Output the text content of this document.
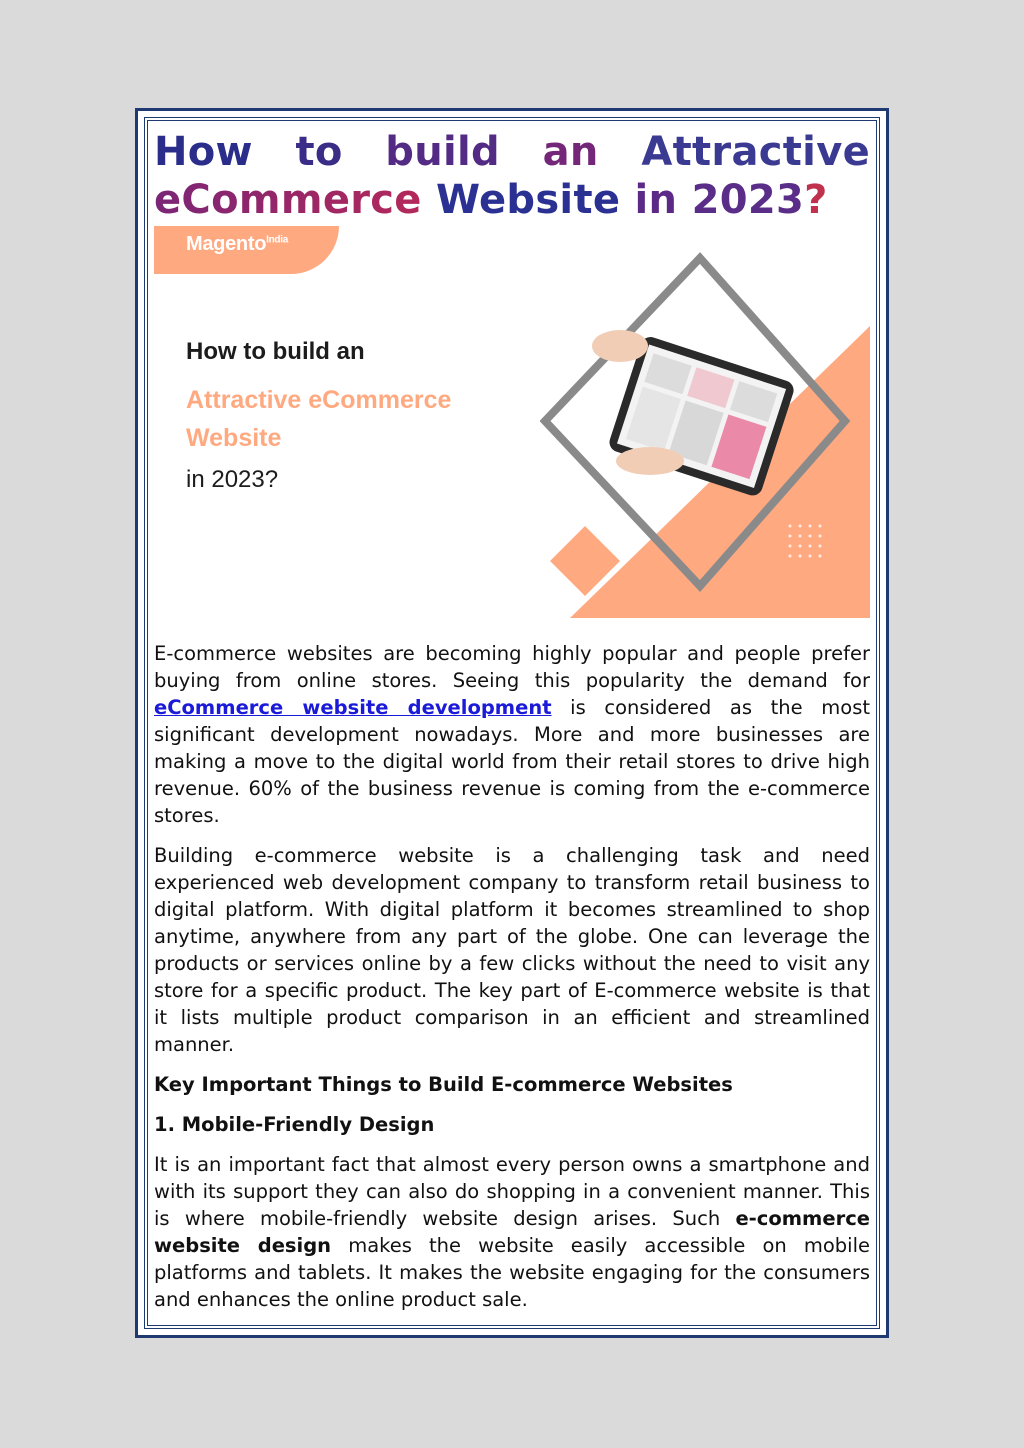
How to build an Attractive
eCommerce Website in 2023?
Magento$^{India}$
How to build an
Attractive eCommerce Website
in 2023?

E-commerce websites are becoming highly popular and people prefer buying from online stores. Seeing this popularity the demand for eCommerce website development is considered as the most significant development nowadays. More and more businesses are making a move to the digital world from their retail stores to drive high revenue. 60% of the business revenue is coming from the e-commerce stores.

Building e-commerce website is a challenging task and need experienced web development company to transform retail business to digital platform. With digital platform it becomes streamlined to shop anytime, anywhere from any part of the globe. One can leverage the products or services online by a few clicks without the need to visit any store for a specific product. The key part of E-commerce website is that it lists multiple product comparison in an efficient and streamlined manner.

Key Important Things to Build E-commerce Websites

1. Mobile-Friendly Design

It is an important fact that almost every person owns a smartphone and with its support they can also do shopping in a convenient manner. This is where mobile-friendly website design arises. Such e-commerce website design makes the website easily accessible on mobile platforms and tablets. It makes the website engaging for the consumers and enhances the online product sale.
